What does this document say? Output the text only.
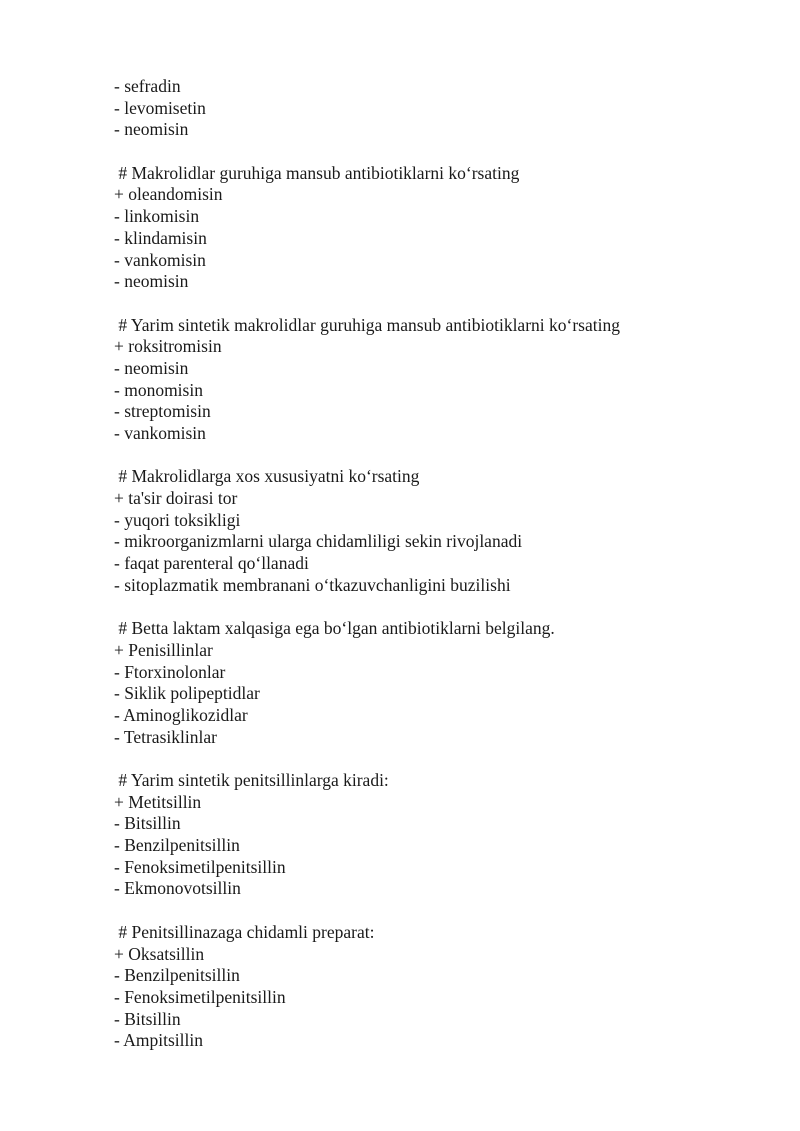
- sefradin
- levomisetin
- neomisin
# Makrolidlar guruhiga mansub antibiotiklarni ko‘rsating
+ oleandomisin
- linkomisin
- klindamisin
- vankomisin
- neomisin
# Yarim sintetik makrolidlar guruhiga mansub antibiotiklarni ko‘rsating
+ roksitromisin
- neomisin
- monomisin
- streptomisin
- vankomisin
# Makrolidlarga xos xususiyatni ko‘rsating
+ ta'sir doirasi tor
- yuqori toksikligi
- mikroorganizmlarni ularga chidamliligi sekin rivojlanadi
- faqat parenteral qo‘llanadi
- sitoplazmatik membranani o‘tkazuvchanligini buzilishi
# Betta laktam xalqasiga ega bo‘lgan antibiotiklarni belgilang.
+ Penisillinlar
- Ftorxinolonlar
- Siklik polipeptidlar
- Aminoglikozidlar
- Tetrasiklinlar
# Yarim sintetik penitsillinlarga kiradi:
+ Metitsillin
- Bitsillin
- Benzilpenitsillin
- Fenoksimetilpenitsillin
- Ekmonovotsillin
# Penitsillinazaga chidamli preparat:
+ Oksatsillin
- Benzilpenitsillin
- Fenoksimetilpenitsillin
- Bitsillin
- Ampitsillin
